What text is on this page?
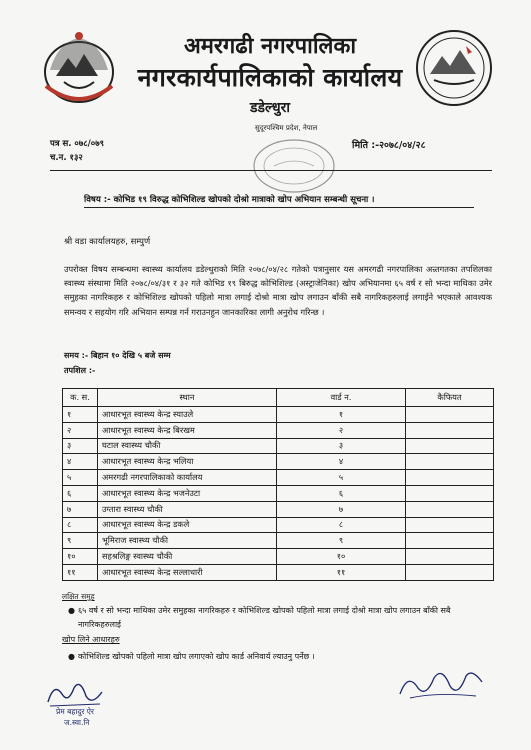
अमरगढी नगरपालिका
नगरकार्यपालिकाको कार्यालय
डडेल्धुरा
सुदूरपश्चिम प्रदेश, नेपाल
पत्र स. ०७८/०७९
च.न. १३२
मिति :-२०७८/०४/२८
विषय :- कोभिड १९ विरुद्ध कोभिशिल्ड खोपको दोश्रो मात्राको खोप अभियान सम्बन्धी सूचना ।
श्री वडा कार्यालयहरु, सम्पुर्ण
उपरोक्त विषय सम्बन्धमा स्वास्थ्य कार्यालय डडेल्धुराको मिति २०७८/०४/२८ गतेको पत्रानुसार यस अमरगढी नगरपालिका अन्र्तगतका तपशिलका स्वास्थ्य संस्थामा मिति २०७८/०४/३१ र ३२ गते कोभिड १९ बिरुद्ध कोभिशिल्ड (अस्ट्राजेनिका) खोप अभियानमा ६५ वर्ष र सो भन्दा माथिका उमेर समुहका नागरिकहरु र कोभिशिल्ड खोपको पहिलो मात्रा लगाई दोश्रो मात्रा खोप लगाउन बाँकी सबै नागरिकहरुलाई लगाईने भएकाले आवश्यक समन्वय र सहयोग गरि अभियान सम्पन्न गर्न गराउनहुन जानकारिका लागी अनुरोध गरिन्छ ।
समय :- बिहान १० देखि ५ बजे सम्म
तपशिल :-
क. स.	स्थान	वार्ड न.	कैफियत
१	आधारभूत स्वास्थ्य केन्द्र स्याउले	१	
२	आधारभूत स्वास्थ्य केन्द्र बिरखम	२	
३	घटाल स्वास्थ्य चौकी	३	
४	आधारभूत स्वास्थ्य केन्द्र भलिया	४	
५	अमरगढी नगरपालिकाको कार्यालय	५	
६	आधारभूत स्वास्थ्य केन्द्र भजनेउटा	६	
७	उग्तारा स्वास्थ्य चौकी	७	
८	आधारभूत स्वास्थ्य केन्द्र डकले	८	
९	भूमिराज स्वास्थ्य चौकी	९	
१०	सहश्रलिङ्ग स्वास्थ्य चौकी	१०	
११	आधारभूत स्वास्थ्य केन्द्र सल्लाधारी	११	
लक्षित समुह
● ६५ वर्ष र सो भन्दा माथिका उमेर समुहका नागरिकहरु र कोभिशिल्ड खोपको पहिलो मात्रा लगाई दोश्रो मात्रा खोप लगाउन बाँकी सबै नागरिकहरुलाई
खोप लिने आधारहरु
● कोभिशिल्ड खोपको पहिलो मात्रा खोप लगाएको खोप कार्ड अनिवार्य ल्याउनु पर्नेछ ।
प्रेम बहादुर ऐर
ज.स्वा.नि
